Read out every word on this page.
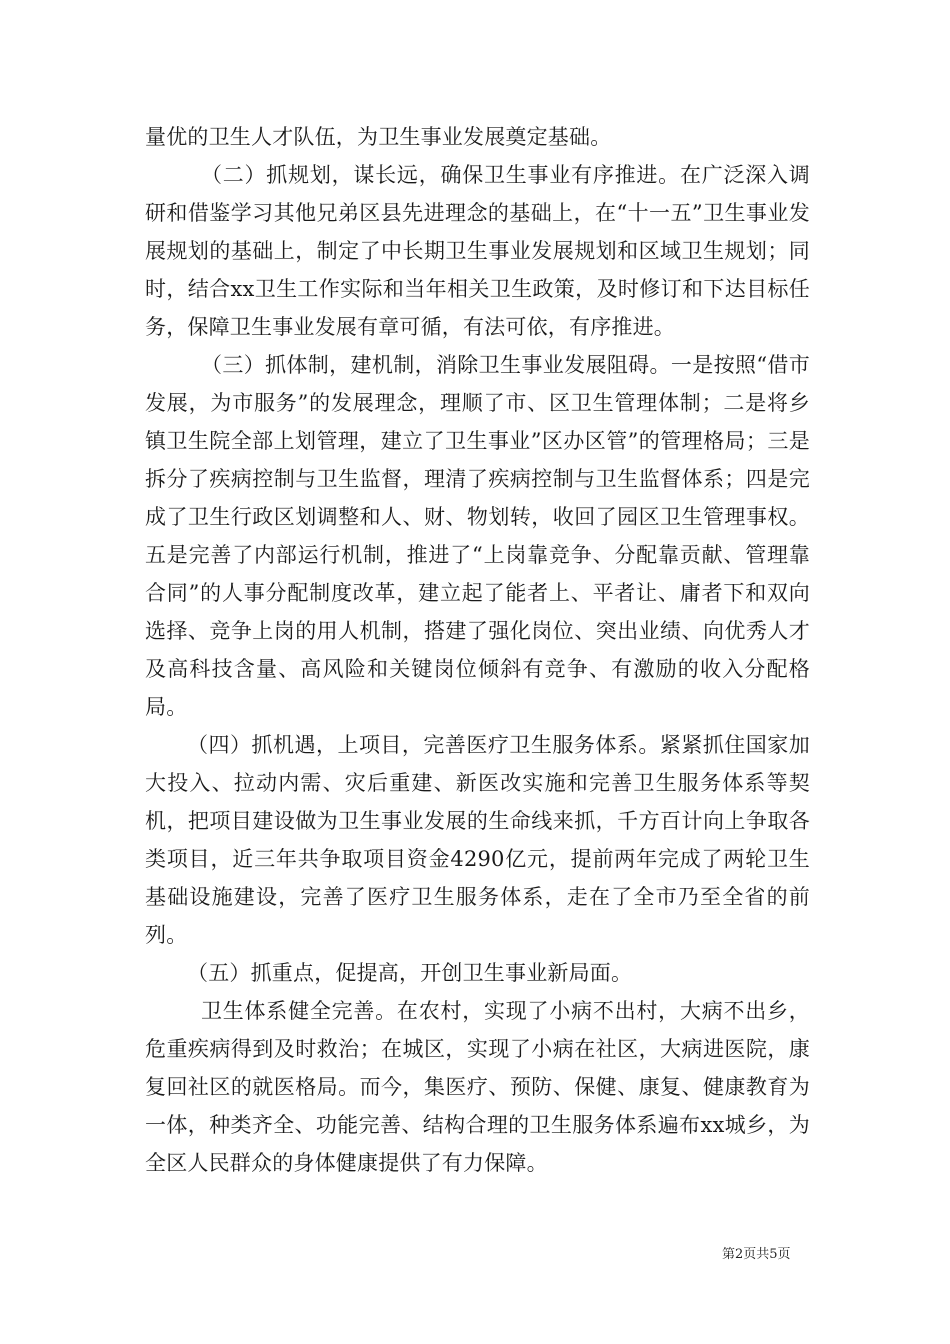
量优的卫生人才队伍，为卫生事业发展奠定基础。

（二）抓规划，谋长远，确保卫生事业有序推进。在广泛深入调研和借鉴学习其他兄弟区县先进理念的基础上，在“十一五”卫生事业发展规划的基础上，制定了中长期卫生事业发展规划和区域卫生规划；同时，结合xx卫生工作实际和当年相关卫生政策，及时修订和下达目标任务，保障卫生事业发展有章可循，有法可依，有序推进。

（三）抓体制，建机制，消除卫生事业发展阻碍。一是按照“借市发展，为市服务”的发展理念，理顺了市、区卫生管理体制；二是将乡镇卫生院全部上划管理，建立了卫生事业”区办区管”的管理格局；三是拆分了疾病控制与卫生监督，理清了疾病控制与卫生监督体系；四是完成了卫生行政区划调整和人、财、物划转，收回了园区卫生管理事权。五是完善了内部运行机制，推进了“上岗靠竞争、分配靠贡献、管理靠合同”的人事分配制度改革，建立起了能者上、平者让、庸者下和双向选择、竞争上岗的用人机制，搭建了强化岗位、突出业绩、向优秀人才及高科技含量、高风险和关键岗位倾斜有竞争、有激励的收入分配格局。

（四）抓机遇，上项目，完善医疗卫生服务体系。紧紧抓住国家加大投入、拉动内需、灾后重建、新医改实施和完善卫生服务体系等契机，把项目建设做为卫生事业发展的生命线来抓，千方百计向上争取各类项目，近三年共争取项目资金4290亿元，提前两年完成了两轮卫生基础设施建设，完善了医疗卫生服务体系，走在了全市乃至全省的前列。

（五）抓重点，促提高，开创卫生事业新局面。

卫生体系健全完善。在农村，实现了小病不出村，大病不出乡，危重疾病得到及时救治；在城区，实现了小病在社区，大病进医院，康复回社区的就医格局。而今，集医疗、预防、保健、康复、健康教育为一体，种类齐全、功能完善、结构合理的卫生服务体系遍布xx城乡，为全区人民群众的身体健康提供了有力保障。

第2页共5页
